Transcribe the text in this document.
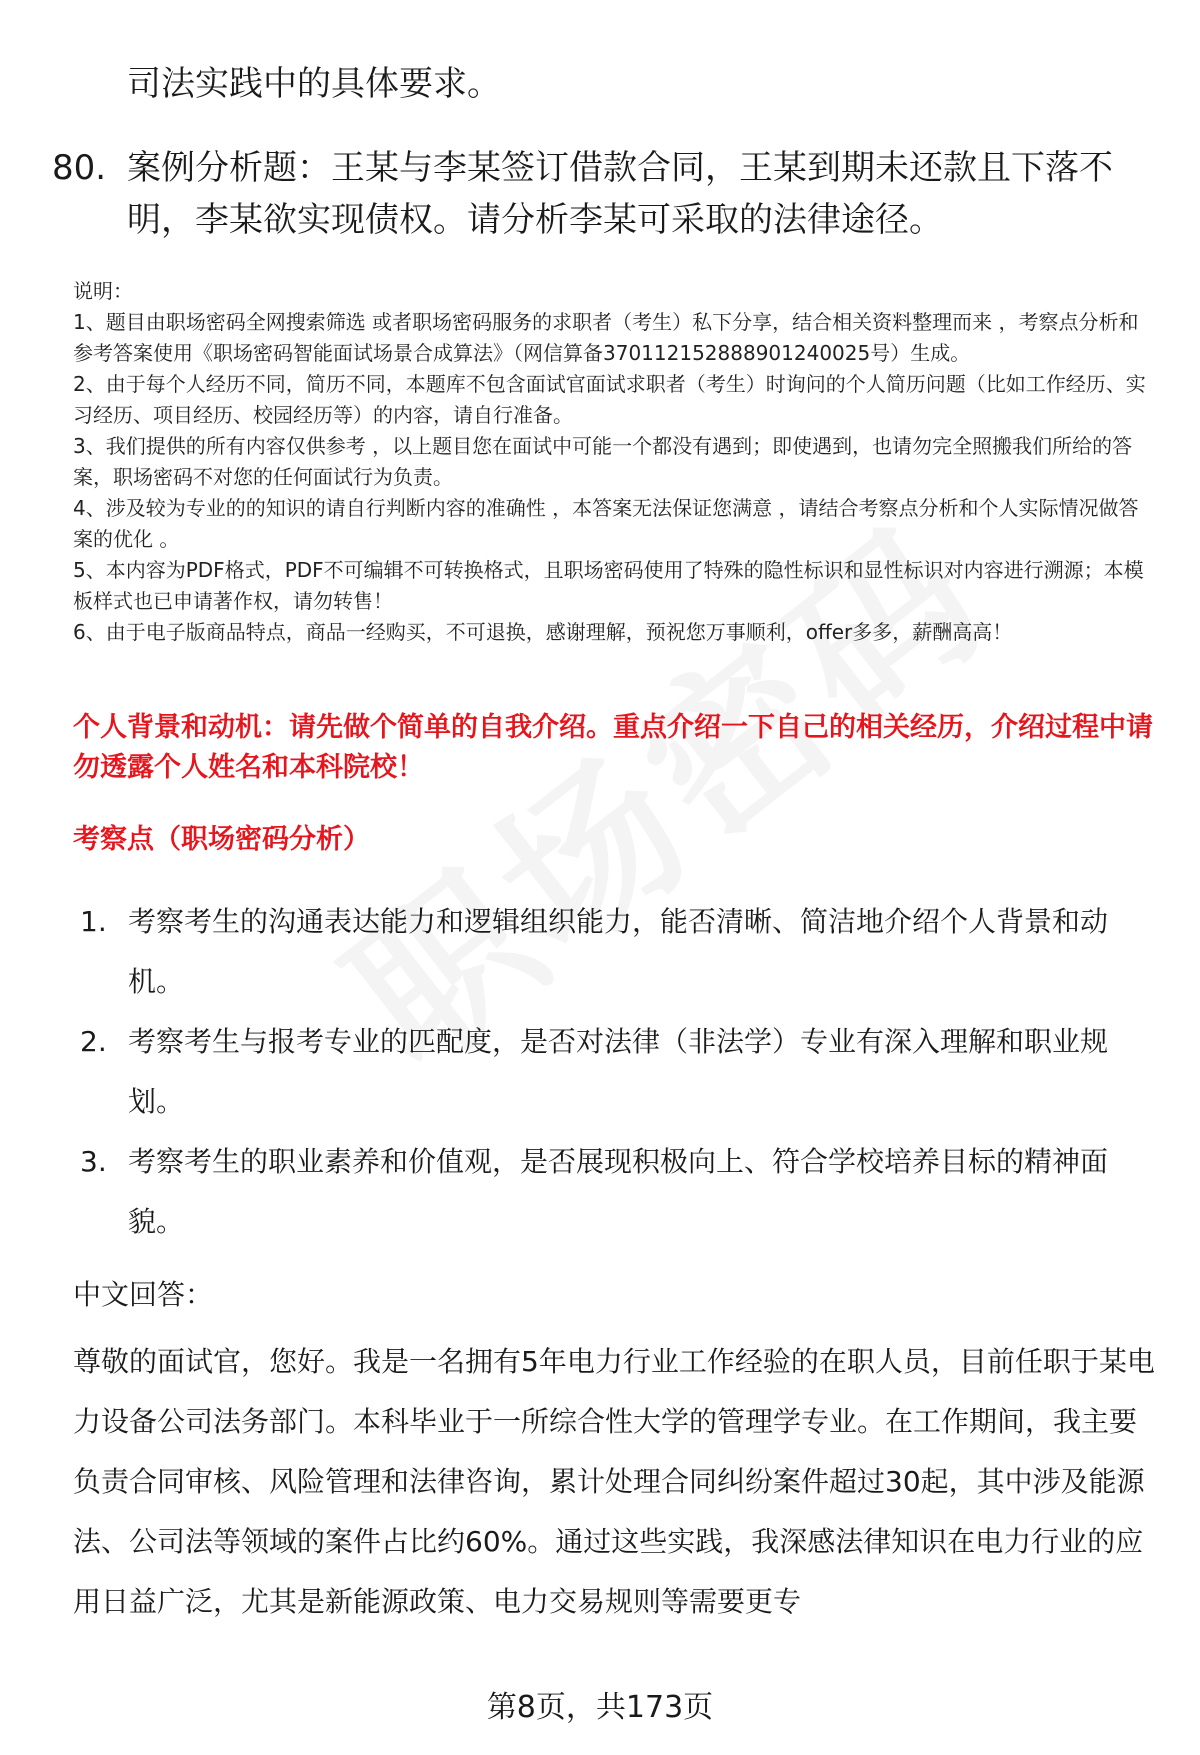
司法实践中的具体要求。
80. 案例分析题：王某与李某签订借款合同，王某到期未还款且下落不明，李某欲实现债权。请分析李某可采取的法律途径。
说明：
1、题目由职场密码全网搜索筛选 或者职场密码服务的求职者（考生）私下分享，结合相关资料整理而来 ，考察点分析和参考答案使用《职场密码智能面试场景合成算法》（网信算备370112152888901240025号）生成。
2、由于每个人经历不同，简历不同，本题库不包含面试官面试求职者（考生）时询问的个人简历问题（比如工作经历、实习经历、项目经历、校园经历等）的内容，请自行准备。
3、我们提供的所有内容仅供参考 ，以上题目您在面试中可能一个都没有遇到；即使遇到，也请勿完全照搬我们所给的答案，职场密码不对您的任何面试行为负责。
4、涉及较为专业的的知识的请自行判断内容的准确性 ，本答案无法保证您满意 ，请结合考察点分析和个人实际情况做答案的优化 。
5、本内容为PDF格式，PDF不可编辑不可转换格式，且职场密码使用了特殊的隐性标识和显性标识对内容进行溯源；本模板样式也已申请著作权，请勿转售！
6、由于电子版商品特点，商品一经购买，不可退换，感谢理解，预祝您万事顺利，offer多多，薪酬高高！
个人背景和动机：请先做个简单的自我介绍。重点介绍一下自己的相关经历，介绍过程中请勿透露个人姓名和本科院校！
考察点（职场密码分析）
1. 考察考生的沟通表达能力和逻辑组织能力，能否清晰、简洁地介绍个人背景和动机。
2. 考察考生与报考专业的匹配度，是否对法律（非法学）专业有深入理解和职业规划。
3. 考察考生的职业素养和价值观，是否展现积极向上、符合学校培养目标的精神面貌。
中文回答：
尊敬的面试官，您好。我是一名拥有5年电力行业工作经验的在职人员，目前任职于某电力设备公司法务部门。本科毕业于一所综合性大学的管理学专业。在工作期间，我主要负责合同审核、风险管理和法律咨询，累计处理合同纠纷案件超过30起，其中涉及能源法、公司法等领域的案件占比约60%。通过这些实践，我深感法律知识在电力行业的应用日益广泛，尤其是新能源政策、电力交易规则等需要更专
第8页，共173页
